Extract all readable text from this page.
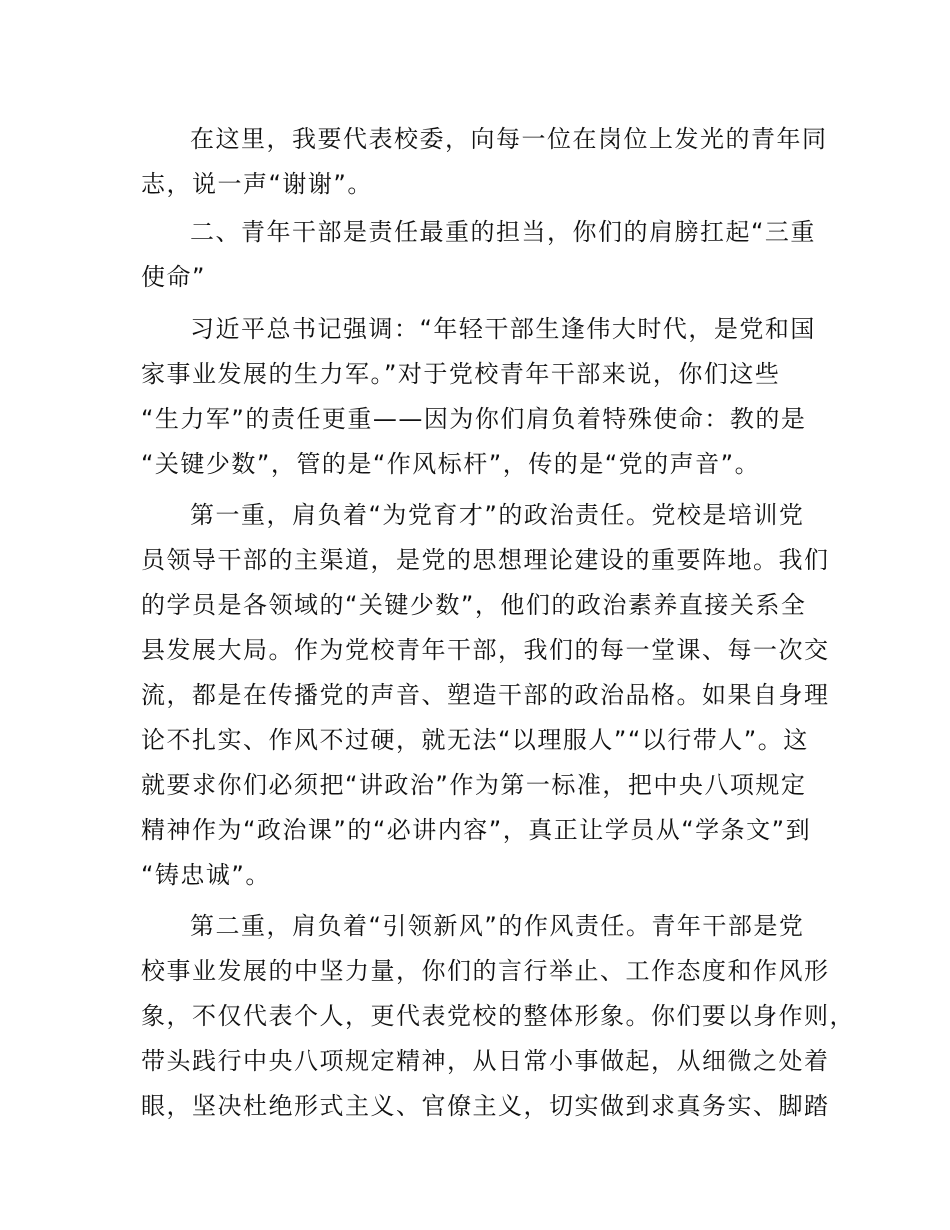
在这里，我要代表校委，向每一位在岗位上发光的青年同
志，说一声“谢谢”。
二、青年干部是责任最重的担当，你们的肩膀扛起“三重
使命”
习近平总书记强调：“年轻干部生逢伟大时代，是党和国
家事业发展的生力军。”对于党校青年干部来说，你们这些
“生力军”的责任更重——因为你们肩负着特殊使命：教的是
“关键少数”，管的是“作风标杆”，传的是“党的声音”。
第一重，肩负着“为党育才”的政治责任。党校是培训党
员领导干部的主渠道，是党的思想理论建设的重要阵地。我们
的学员是各领域的“关键少数”，他们的政治素养直接关系全
县发展大局。作为党校青年干部，我们的每一堂课、每一次交
流，都是在传播党的声音、塑造干部的政治品格。如果自身理
论不扎实、作风不过硬，就无法“以理服人”“以行带人”。这
就要求你们必须把“讲政治”作为第一标准，把中央八项规定
精神作为“政治课”的“必讲内容”，真正让学员从“学条文”到
“铸忠诚”。
第二重，肩负着“引领新风”的作风责任。青年干部是党
校事业发展的中坚力量，你们的言行举止、工作态度和作风形
象，不仅代表个人，更代表党校的整体形象。你们要以身作则，
带头践行中央八项规定精神，从日常小事做起，从细微之处着
眼，坚决杜绝形式主义、官僚主义，切实做到求真务实、脚踏
